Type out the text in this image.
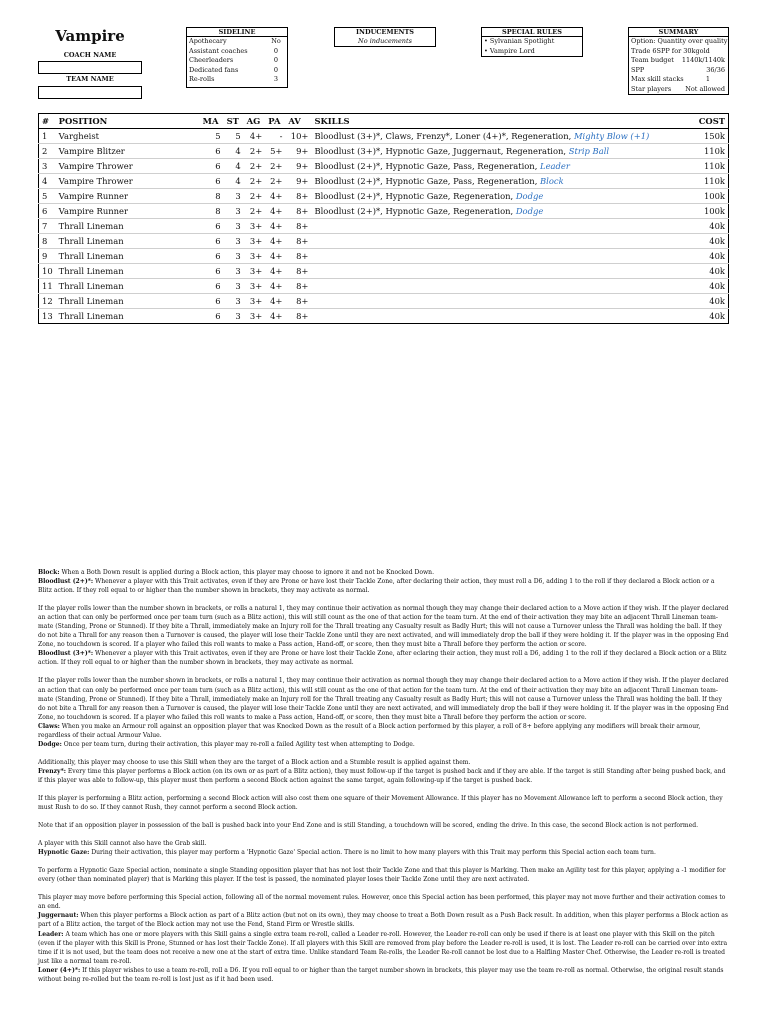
Vampire
COACH NAME
TEAM NAME
SIDELINE
Apothecary	No
Assistant coaches	0
Cheerleaders	0
Dedicated fans	0
Re-rolls	3
INDUCEMENTS
No inducements
SPECIAL RULES
• Sylvanian Spotlight
• Vampire Lord
SUMMARY
Option: Quantity over quality
Trade 6SPP for 30kgold
Team budget 1140k/1140k
SPP	36/36
Max skill stacks	1
Star players Not allowed
#	POSITION	MA	ST	AG	PA	AV	SKILLS	COST
1	Vargheist	5	5	4+	-	10+	Bloodlust (3+)*, Claws, Frenzy*, Loner (4+)*, Regeneration, Mighty Blow (+1)	150k
2	Vampire Blitzer	6	4	2+	5+	9+	Bloodlust (3+)*, Hypnotic Gaze, Juggernaut, Regeneration, Strip Ball	110k
3	Vampire Thrower	6	4	2+	2+	9+	Bloodlust (2+)*, Hypnotic Gaze, Pass, Regeneration, Leader	110k
4	Vampire Thrower	6	4	2+	2+	9+	Bloodlust (2+)*, Hypnotic Gaze, Pass, Regeneration, Block	110k
5	Vampire Runner	8	3	2+	4+	8+	Bloodlust (2+)*, Hypnotic Gaze, Regeneration, Dodge	100k
6	Vampire Runner	8	3	2+	4+	8+	Bloodlust (2+)*, Hypnotic Gaze, Regeneration, Dodge	100k
7	Thrall Lineman	6	3	3+	4+	8+		40k
8	Thrall Lineman	6	3	3+	4+	8+		40k
9	Thrall Lineman	6	3	3+	4+	8+		40k
10	Thrall Lineman	6	3	3+	4+	8+		40k
11	Thrall Lineman	6	3	3+	4+	8+		40k
12	Thrall Lineman	6	3	3+	4+	8+		40k
13	Thrall Lineman	6	3	3+	4+	8+		40k

Block: When a Both Down result is applied during a Block action, this player may choose to ignore it and not be Knocked Down.

Bloodlust (2+)*: Whenever a player with this Trait activates, even if they are Prone or have lost their Tackle Zone, after declaring their action, they must roll a D6, adding 1 to the roll if they declared a Block action or a Blitz action. If they roll equal to or higher than the number shown in brackets, they may activate as normal.

If the player rolls lower than the number shown in brackets, or rolls a natural 1, they may continue their activation as normal though they may change their declared action to a Move action if they wish. If the player declared an action that can only be performed once per team turn (such as a Blitz action), this will still count as the one of that action for the team turn. At the end of their activation they may bite an adjacent Thrall Lineman team-mate (Standing, Prone or Stunned). If they bite a Thrall, immediately make an Injury roll for the Thrall treating any Casualty result as Badly Hurt; this will not cause a Turnover unless the Thrall was holding the ball. If they do not bite a Thrall for any reason then a Turnover is caused, the player will lose their Tackle Zone until they are next activated, and will immediately drop the ball if they were holding it. If the player was in the opposing End Zone, no touchdown is scored. If a player who failed this roll wants to make a Pass action, Hand-off, or score, then they must bite a Thrall before they perform the action or score.

Bloodlust (3+)*: Whenever a player with this Trait activates, even if they are Prone or have lost their Tackle Zone, after eclaring their action, they must roll a D6, adding 1 to the roll if they declared a Block action or a Blitz action. If they roll equal to or higher than the number shown in brackets, they may activate as normal.

If the player rolls lower than the number shown in brackets, or rolls a natural 1, they may continue their activation as normal though they may change their declared action to a Move action if they wish. If the player declared an action that can only be performed once per team turn (such as a Blitz action), this will still count as the one of that action for the team turn. At the end of their activation they may bite an adjacent Thrall Lineman team-mate (Standing, Prone or Stunned). If they bite a Thrall, immediately make an Injury roll for the Thrall treating any Casualty result as Badly Hurt; this will not cause a Turnover unless the Thrall was holding the ball. If they do not bite a Thrall for any reason then a Turnover is caused, the player will lose their Tackle Zone until they are next activated, and will immediately drop the ball if they were holding it. If the player was in the opposing End Zone, no touchdown is scored. If a player who failed this roll wants to make a Pass action, Hand-off, or score, then they must bite a Thrall before they perform the action or score.

Claws: When you make an Armour roll against an opposition player that was Knocked Down as the result of a Block action performed by this player, a roll of 8+ before applying any modifiers will break their armour, regardless of their actual Armour Value.

Dodge: Once per team turn, during their activation, this player may re-roll a failed Agility test when attempting to Dodge.

Additionally, this player may choose to use this Skill when they are the target of a Block action and a Stumble result is applied against them.

Frenzy*: Every time this player performs a Block action (on its own or as part of a Blitz action), they must follow-up if the target is pushed back and if they are able. If the target is still Standing after being pushed back, and if this player was able to follow-up, this player must then perform a second Block action against the same target, again following-up if the target is pushed back.

If this player is performing a Blitz action, performing a second Block action will also cost them one square of their Movement Allowance. If this player has no Movement Allowance left to perform a second Block action, they must Rush to do so. If they cannot Rush, they cannot perform a second Block action.

Note that if an opposition player in possession of the ball is pushed back into your End Zone and is still Standing, a touchdown will be scored, ending the drive. In this case, the second Block action is not performed.

A player with this Skill cannot also have the Grab skill.

Hypnotic Gaze: During their activation, this player may perform a 'Hypnotic Gaze' Special action. There is no limit to how many players with this Trait may perform this Special action each team turn.

To perform a Hypnotic Gaze Special action, nominate a single Standing opposition player that has not lost their Tackle Zone and that this player is Marking. Then make an Agility test for this player, applying a -1 modifier for every (other than nominated player) that is Marking this player. If the test is passed, the nominated player loses their Tackle Zone until they are next activated.

This player may move before performing this Special action, following all of the normal movement rules. However, once this Special action has been performed, this player may not move further and their activation comes to an end.

Juggernaut: When this player performs a Block action as part of a Blitz action (but not on its own), they may choose to treat a Both Down result as a Push Back result. In addition, when this player performs a Block action as part of a Blitz action, the target of the Block action may not use the Fend, Stand Firm or Wrestle skills.

Leader: A team which has one or more players with this Skill gains a single extra team re-roll, called a Leader re-roll. However, the Leader re-roll can only be used if there is at least one player with this Skill on the pitch (even if the player with this Skill is Prone, Stunned or has lost their Tackle Zone). If all players with this Skill are removed from play before the Leader re-roll is used, it is lost. The Leader re-roll can be carried over into extra time if it is not used, but the team does not receive a new one at the start of extra time. Unlike standard Team Re-rolls, the Leader Re-roll cannot be lost due to a Halfling Master Chef. Otherwise, the Leader re-roll is treated just like a normal team re-roll.

Loner (4+)*: If this player wishes to use a team re-roll, roll a D6. If you roll equal to or higher than the target number shown in brackets, this player may use the team re-roll as normal. Otherwise, the original result stands without being re-rolled but the team re-roll is lost just as if it had been used.
